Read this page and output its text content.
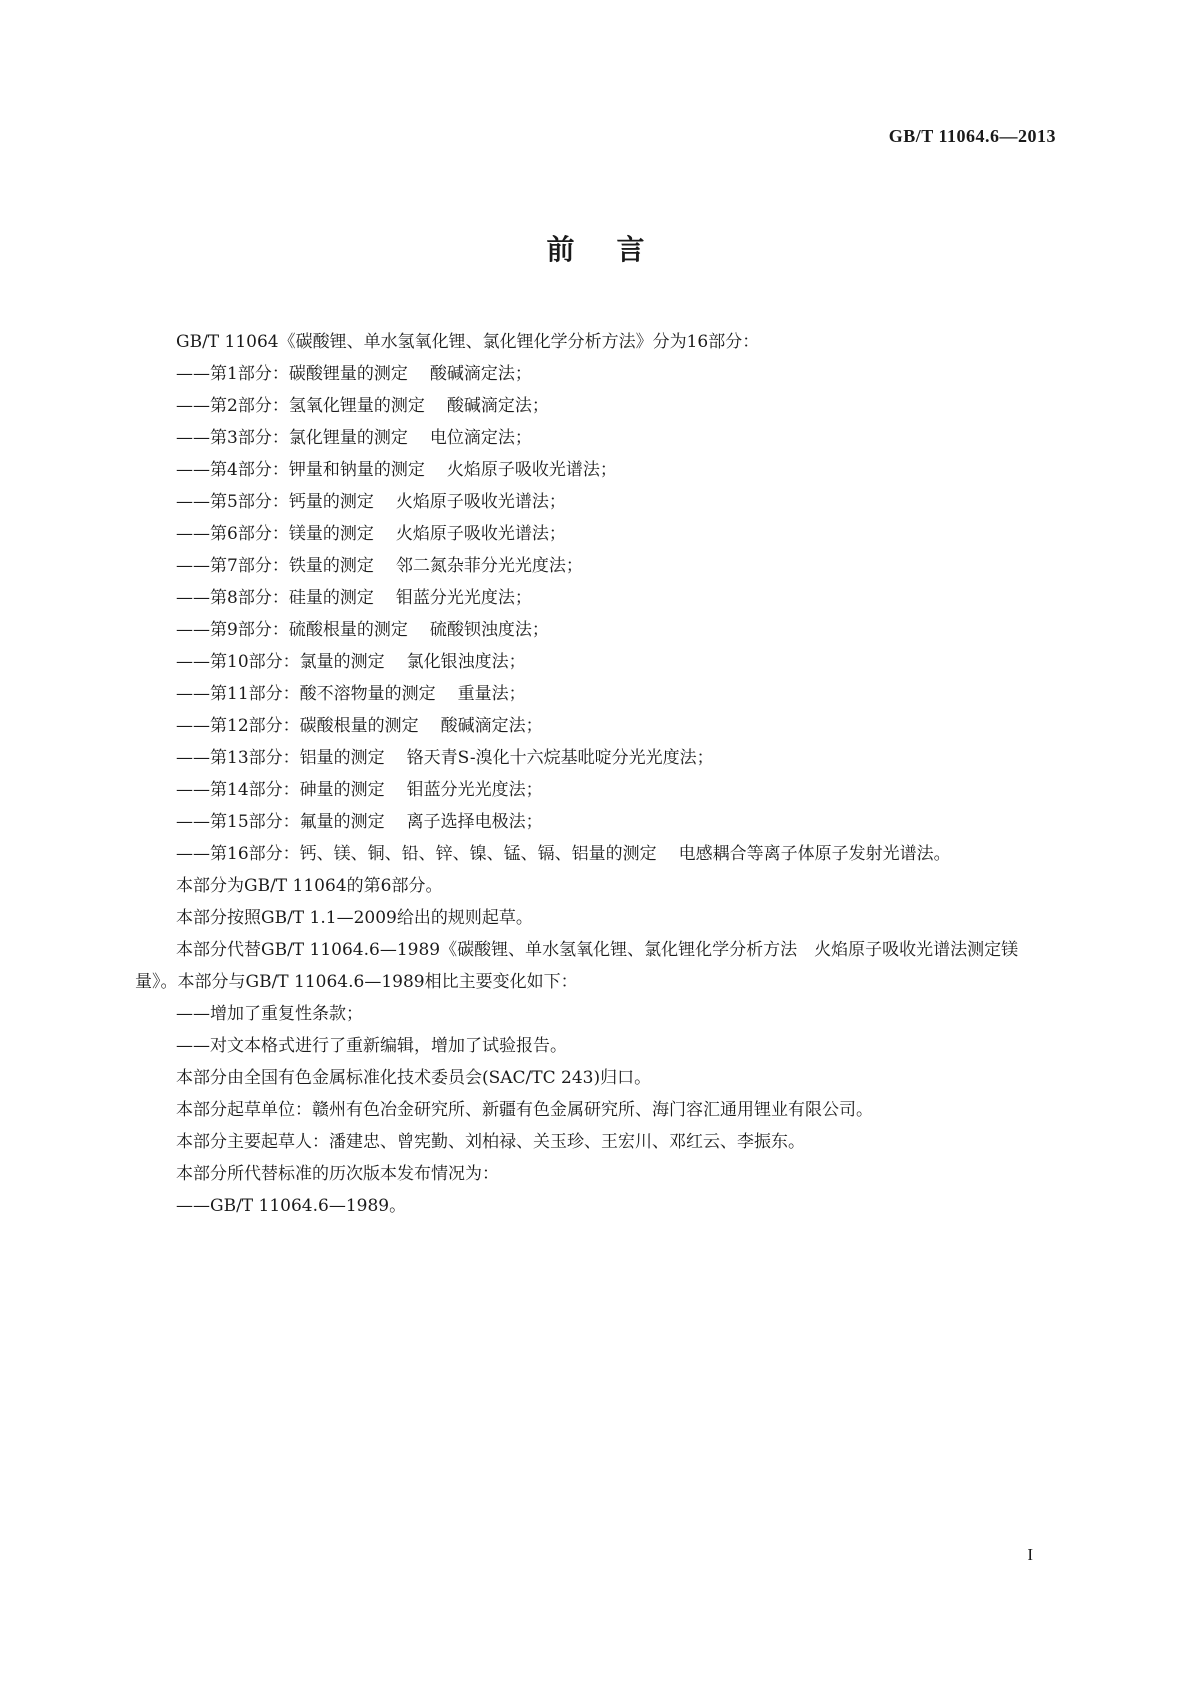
GB/T 11064.6—2013
前言

GB/T 11064《碳酸锂、单水氢氧化锂、氯化锂化学分析方法》分为16部分：

——第1部分：碳酸锂量的测定 酸碱滴定法；

——第2部分：氢氧化锂量的测定 酸碱滴定法；

——第3部分：氯化锂量的测定 电位滴定法；

——第4部分：钾量和钠量的测定 火焰原子吸收光谱法；

——第5部分：钙量的测定 火焰原子吸收光谱法；

——第6部分：镁量的测定 火焰原子吸收光谱法；

——第7部分：铁量的测定 邻二氮杂菲分光光度法；

——第8部分：硅量的测定 钼蓝分光光度法；

——第9部分：硫酸根量的测定 硫酸钡浊度法；

——第10部分：氯量的测定 氯化银浊度法；

——第11部分：酸不溶物量的测定 重量法；

——第12部分：碳酸根量的测定 酸碱滴定法；

——第13部分：铝量的测定 铬天青S-溴化十六烷基吡啶分光光度法；

——第14部分：砷量的测定 钼蓝分光光度法；

——第15部分：氟量的测定 离子选择电极法；

——第16部分：钙、镁、铜、铅、锌、镍、锰、镉、铝量的测定 电感耦合等离子体原子发射光谱法。

本部分为GB/T 11064的第6部分。

本部分按照GB/T 1.1—2009给出的规则起草。

本部分代替GB/T 11064.6—1989《碳酸锂、单水氢氧化锂、氯化锂化学分析方法　火焰原子吸收光谱法测定镁量》。本部分与GB/T 11064.6—1989相比主要变化如下：

——增加了重复性条款；

——对文本格式进行了重新编辑，增加了试验报告。

本部分由全国有色金属标准化技术委员会(SAC/TC 243)归口。

本部分起草单位：赣州有色冶金研究所、新疆有色金属研究所、海门容汇通用锂业有限公司。

本部分主要起草人：潘建忠、曾宪勤、刘柏禄、关玉珍、王宏川、邓红云、李振东。

本部分所代替标准的历次版本发布情况为：

——GB/T 11064.6—1989。

I
